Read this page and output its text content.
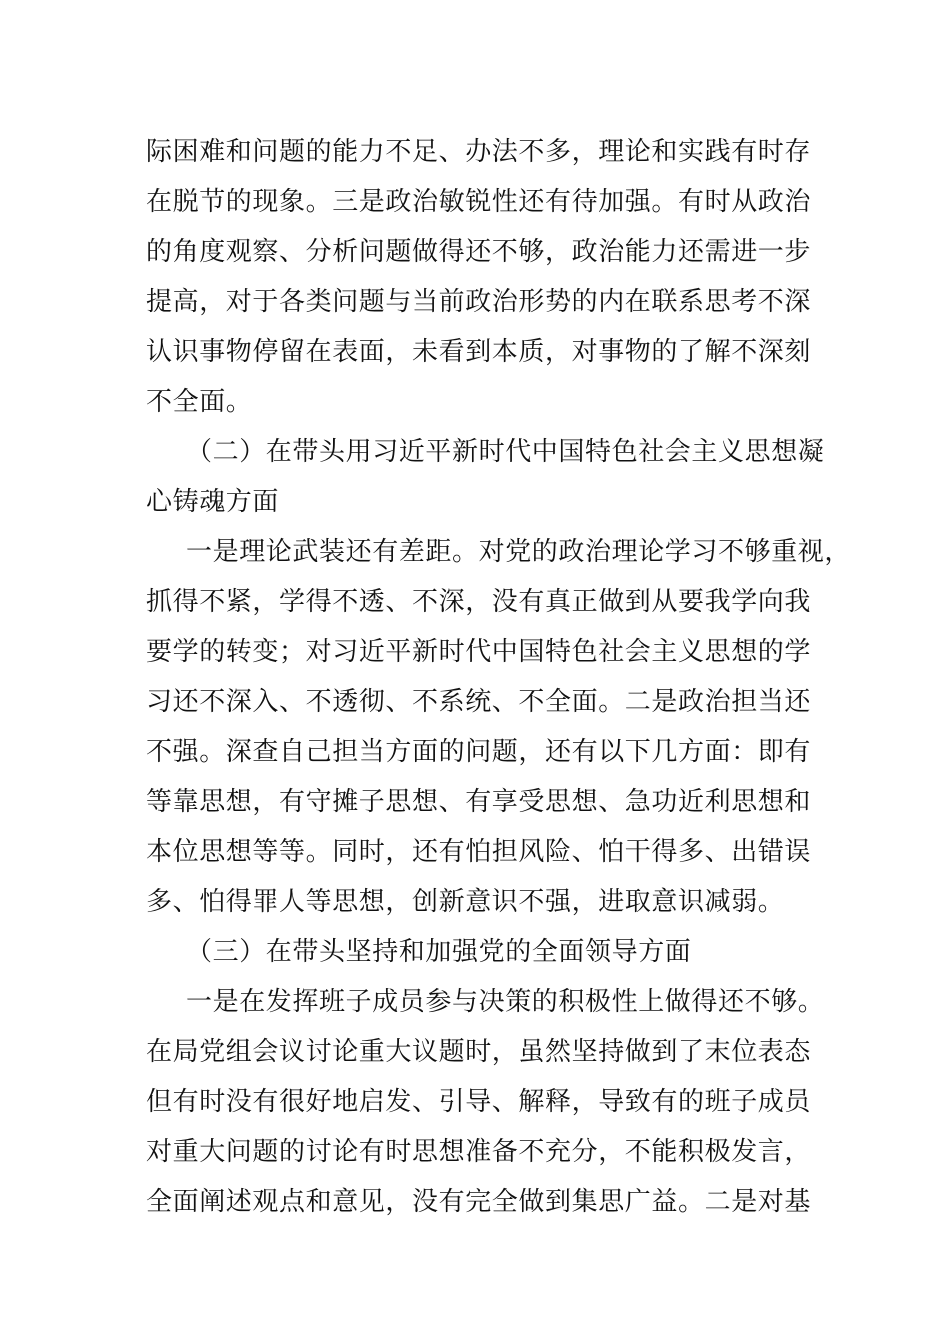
际困难和问题的能力不足、办法不多，理论和实践有时存
在脱节的现象。三是政治敏锐性还有待加强。有时从政治
的角度观察、分析问题做得还不够，政治能力还需进一步
提高，对于各类问题与当前政治形势的内在联系思考不深
认识事物停留在表面，未看到本质，对事物的了解不深刻
不全面。
（二）在带头用习近平新时代中国特色社会主义思想凝
心铸魂方面
一是理论武装还有差距。对党的政治理论学习不够重视，
抓得不紧，学得不透、不深，没有真正做到从要我学向我
要学的转变；对习近平新时代中国特色社会主义思想的学
习还不深入、不透彻、不系统、不全面。二是政治担当还
不强。深查自己担当方面的问题，还有以下几方面：即有
等靠思想，有守摊子思想、有享受思想、急功近利思想和
本位思想等等。同时，还有怕担风险、怕干得多、出错误
多、怕得罪人等思想，创新意识不强，进取意识减弱。
（三）在带头坚持和加强党的全面领导方面
一是在发挥班子成员参与决策的积极性上做得还不够。
在局党组会议讨论重大议题时，虽然坚持做到了末位表态
但有时没有很好地启发、引导、解释，导致有的班子成员
对重大问题的讨论有时思想准备不充分，不能积极发言，
全面阐述观点和意见，没有完全做到集思广益。二是对基
